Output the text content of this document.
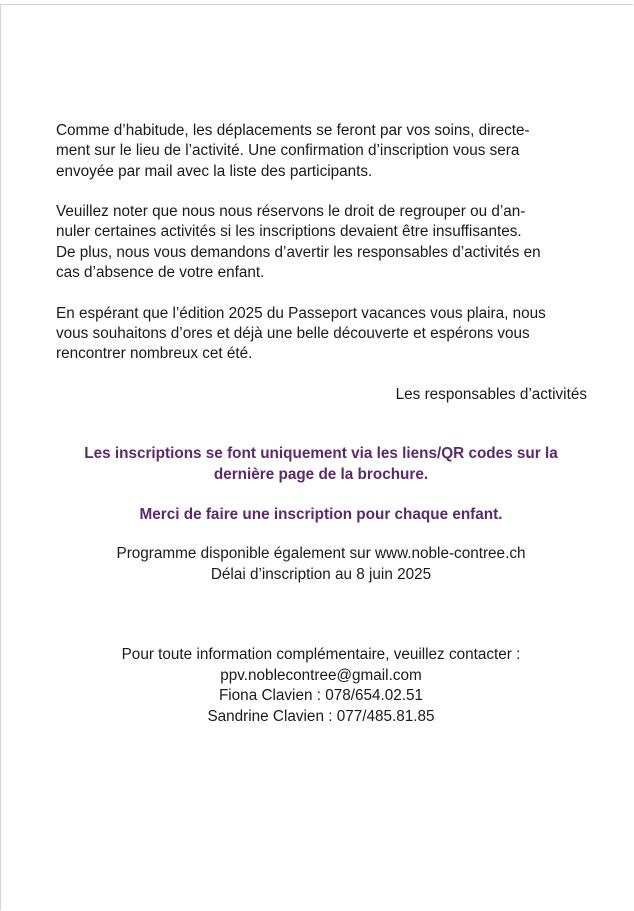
Comme d’habitude, les déplacements se feront par vos soins, directe-
ment sur le lieu de l’activité. Une confirmation d’inscription vous sera
envoyée par mail avec la liste des participants.

Veuillez noter que nous nous réservons le droit de regrouper ou d’an-
nuler certaines activités si les inscriptions devaient être insuffisantes.
De plus, nous vous demandons d’avertir les responsables d’activités en
cas d’absence de votre enfant.

En espérant que l’édition 2025 du Passeport vacances vous plaira, nous
vous souhaitons d’ores et déjà une belle découverte et espérons vous
rencontrer nombreux cet été.

Les responsables d’activités

Les inscriptions se font uniquement via les liens/QR codes sur la
dernière page de la brochure.
Merci de faire une inscription pour chaque enfant.
Programme disponible également sur www.noble-contree.ch
Délai d’inscription au 8 juin 2025
Pour toute information complémentaire, veuillez contacter :
ppv.noblecontree@gmail.com
Fiona Clavien : 078/654.02.51
Sandrine Clavien : 077/485.81.85
